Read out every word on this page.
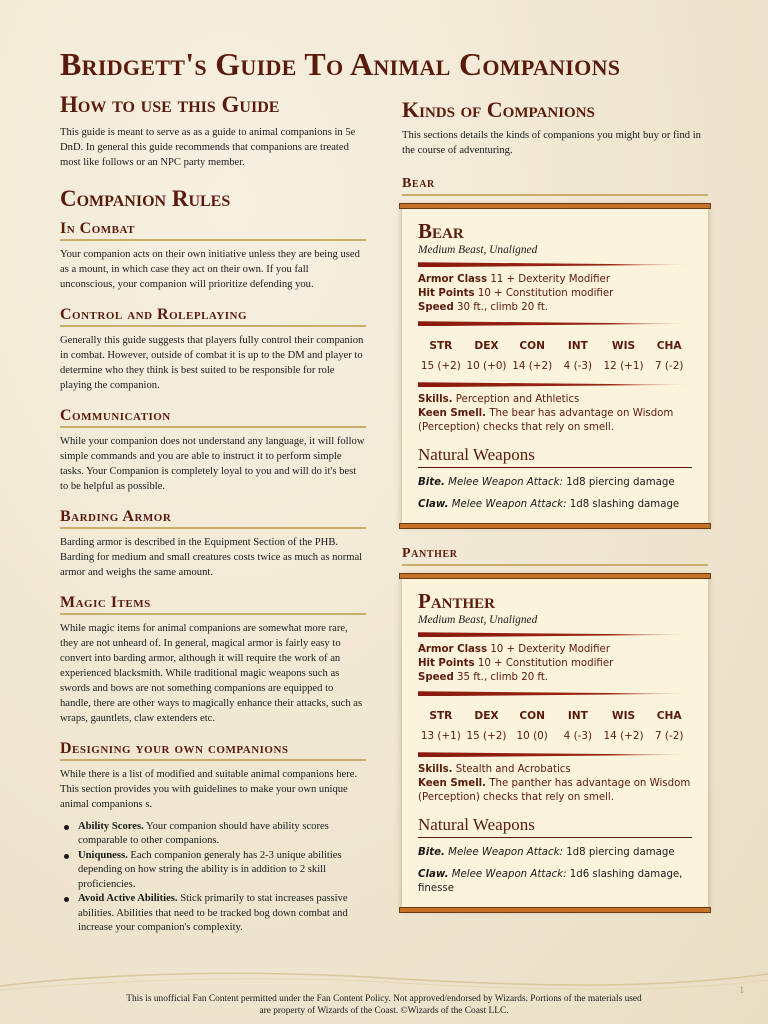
Bridgett's Guide To Animal Companions
How to use this Guide

This guide is meant to serve as as a guide to animal companions in 5e DnD. In general this guide recommends that companions are treated most like follows or an NPC party member.

Companion Rules
In Combat

Your companion acts on their own initiative unless they are being used as a mount, in which case they act on their own. If you fall unconscious, your companion will prioritize defending you.

Control and Roleplaying

Generally this guide suggests that players fully control their companion in combat. However, outside of combat it is up to the DM and player to determine who they think is best suited to be responsible for role playing the companion.

Communication

While your companion does not understand any language, it will follow simple commands and you are able to instruct it to perform simple tasks. Your Companion is completely loyal to you and will do it's best to be helpful as possible.

Barding Armor

Barding armor is described in the Equipment Section of the PHB. Barding for medium and small creatures costs twice as much as normal armor and weighs the same amount.

Magic Items

While magic items for animal companions are somewhat more rare, they are not unheard of. In general, magical armor is fairly easy to convert into barding armor, although it will require the work of an experienced blacksmith. While traditional magic weapons such as swords and bows are not something companions are equipped to handle, there are other ways to magically enhance their attacks, such as wraps, gauntlets, claw extenders etc.

Designing your own companions

While there is a list of modified and suitable animal companions here. This section provides you with guidelines to make your own unique animal companions s.

Ability Scores. Your companion should have ability scores comparable to other companions.
Uniquness. Each companion generaly has 2-3 unique abilities depending on how string the ability is in addition to 2 skill proficiencies.
Avoid Active Abilities. Stick primarily to stat increases passive abilities. Abilities that need to be tracked bog down combat and increase your companion's complexity.
Kinds of Companions

This sections details the kinds of companions you might buy or find in the course of adventuring.

Bear
Bear
Medium Beast, Unaligned
Armor Class 11 + Dexterity Modifier
Hit Points 10 + Constitution modifier
Speed 30 ft., climb 20 ft.
STR
15 (+2)
DEX
10 (+0)
CON
14 (+2)
INT
4 (-3)
WIS
12 (+1)
CHA
7 (-2)
Skills. Perception and Athletics
Keen Smell. The bear has advantage on Wisdom
(Perception) checks that rely on smell.
Natural Weapons
Bite. Melee Weapon Attack: 1d8 piercing damage
Claw. Melee Weapon Attack: 1d8 slashing damage
Panther
Panther
Medium Beast, Unaligned
Armor Class 10 + Dexterity Modifier
Hit Points 10 + Constitution modifier
Speed 35 ft., climb 20 ft.
STR
13 (+1)
DEX
15 (+2)
CON
10 (0)
INT
4 (-3)
WIS
14 (+2)
CHA
7 (-2)
Skills. Stealth and Acrobatics
Keen Smell. The panther has advantage on Wisdom
(Perception) checks that rely on smell.
Natural Weapons
Bite. Melee Weapon Attack: 1d8 piercing damage
Claw. Melee Weapon Attack: 1d6 slashing damage, finesse
1
This is unofficial Fan Content permitted under the Fan Content Policy. Not approved/endorsed by Wizards. Portions of the materials used
are property of Wizards of the Coast. ©Wizards of the Coast LLC.
